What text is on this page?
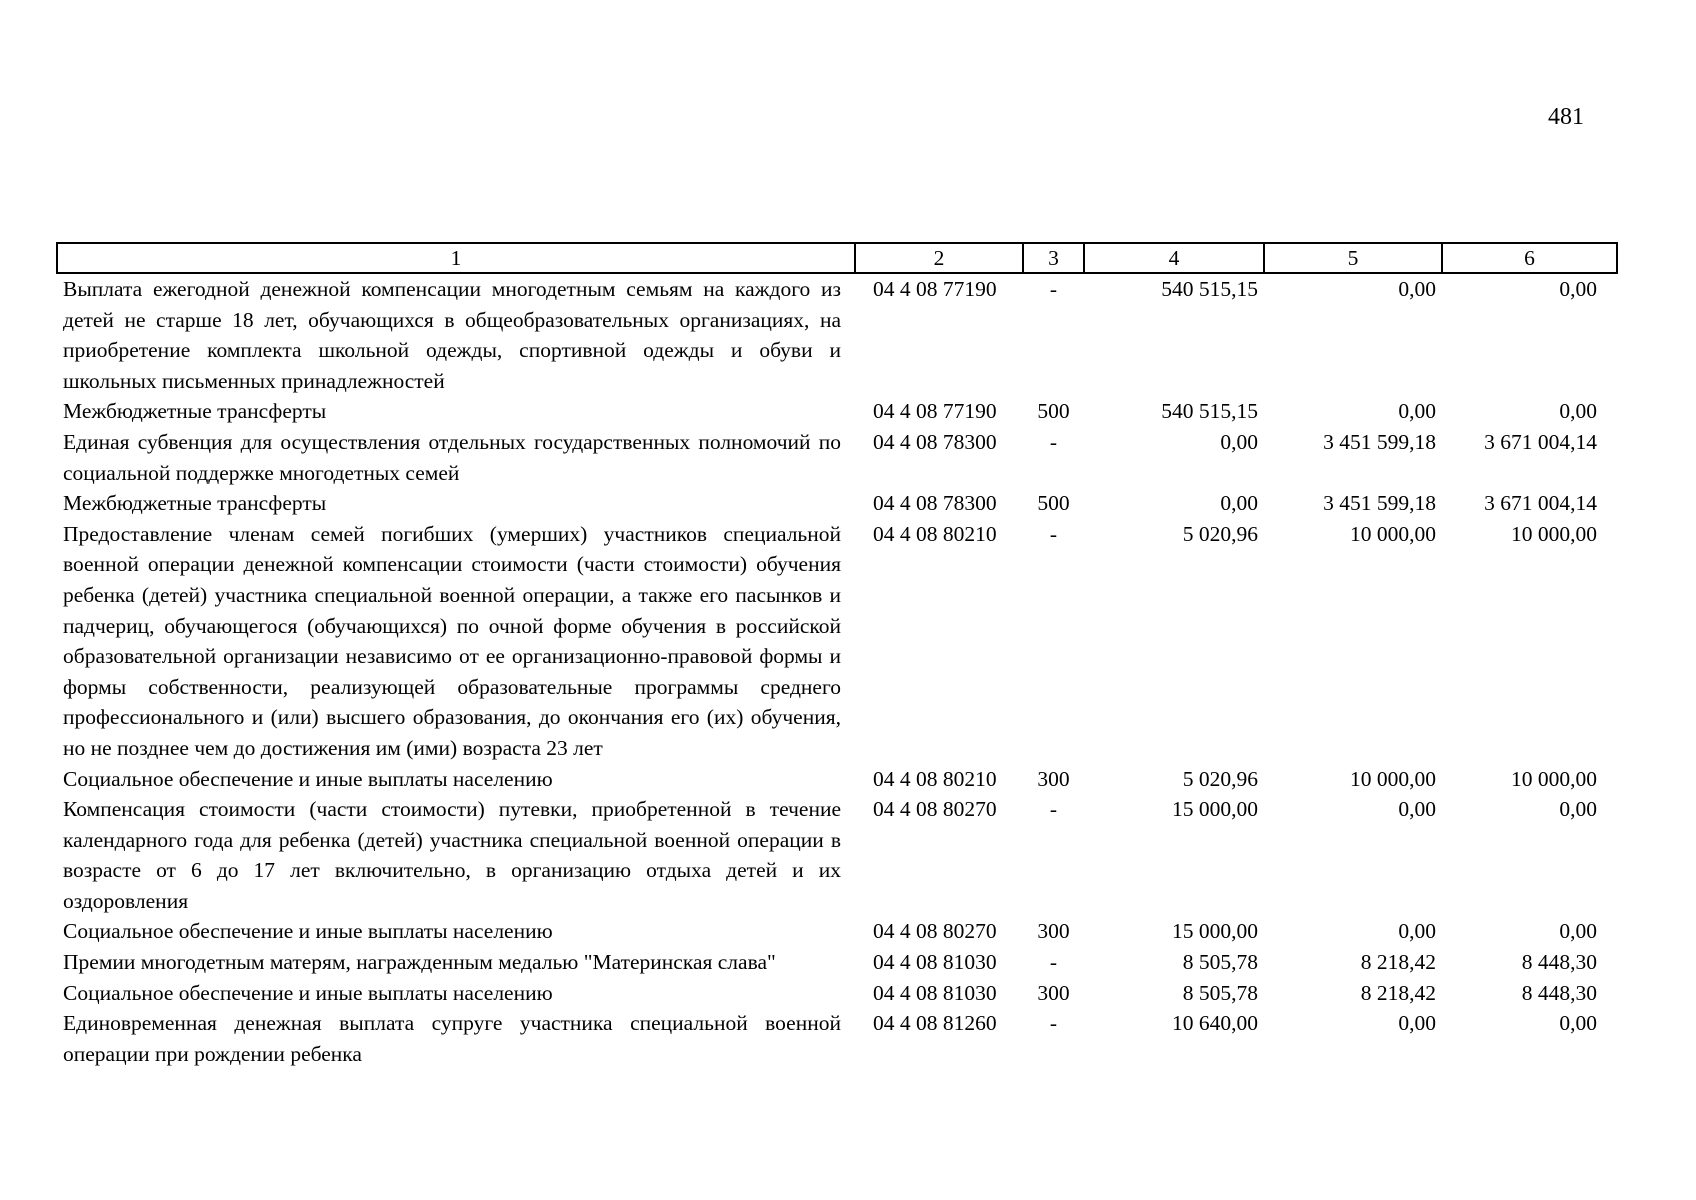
481
1	2	3	4	5	6
Выплата ежегодной денежной компенсации многодетным семьям на каждого из детей не старше 18 лет, обучающихся в общеобразовательных организациях, на приобретение комплекта школьной одежды, спортивной одежды и обуви и школьных письменных принадлежностей	04 4 08 77190	-	540 515,15	0,00	0,00
Межбюджетные трансферты	04 4 08 77190	500	540 515,15	0,00	0,00
Единая субвенция для осуществления отдельных государственных полномочий по социальной поддержке многодетных семей	04 4 08 78300	-	0,00	3 451 599,18	3 671 004,14
Межбюджетные трансферты	04 4 08 78300	500	0,00	3 451 599,18	3 671 004,14
Предоставление членам семей погибших (умерших) участников специальной военной операции денежной компенсации стоимости (части стоимости) обучения ребенка (детей) участника специальной военной операции, а также его пасынков и падчериц, обучающегося (обучающихся) по очной форме обучения в российской образовательной организации независимо от ее организационно-правовой формы и формы собственности, реализующей образовательные программы среднего профессионального и (или) высшего образования, до окончания его (их) обучения, но не позднее чем до достижения им (ими) возраста 23 лет	04 4 08 80210	-	5 020,96	10 000,00	10 000,00
Социальное обеспечение и иные выплаты населению	04 4 08 80210	300	5 020,96	10 000,00	10 000,00
Компенсация стоимости (части стоимости) путевки, приобретенной в течение календарного года для ребенка (детей) участника специальной военной операции в возрасте от 6 до 17 лет включительно, в организацию отдыха детей и их оздоровления	04 4 08 80270	-	15 000,00	0,00	0,00
Социальное обеспечение и иные выплаты населению	04 4 08 80270	300	15 000,00	0,00	0,00
Премии многодетным матерям, награжденным медалью "Материнская слава"	04 4 08 81030	-	8 505,78	8 218,42	8 448,30
Социальное обеспечение и иные выплаты населению	04 4 08 81030	300	8 505,78	8 218,42	8 448,30
Единовременная денежная выплата супруге участника специальной военной операции при рождении ребенка	04 4 08 81260	-	10 640,00	0,00	0,00
